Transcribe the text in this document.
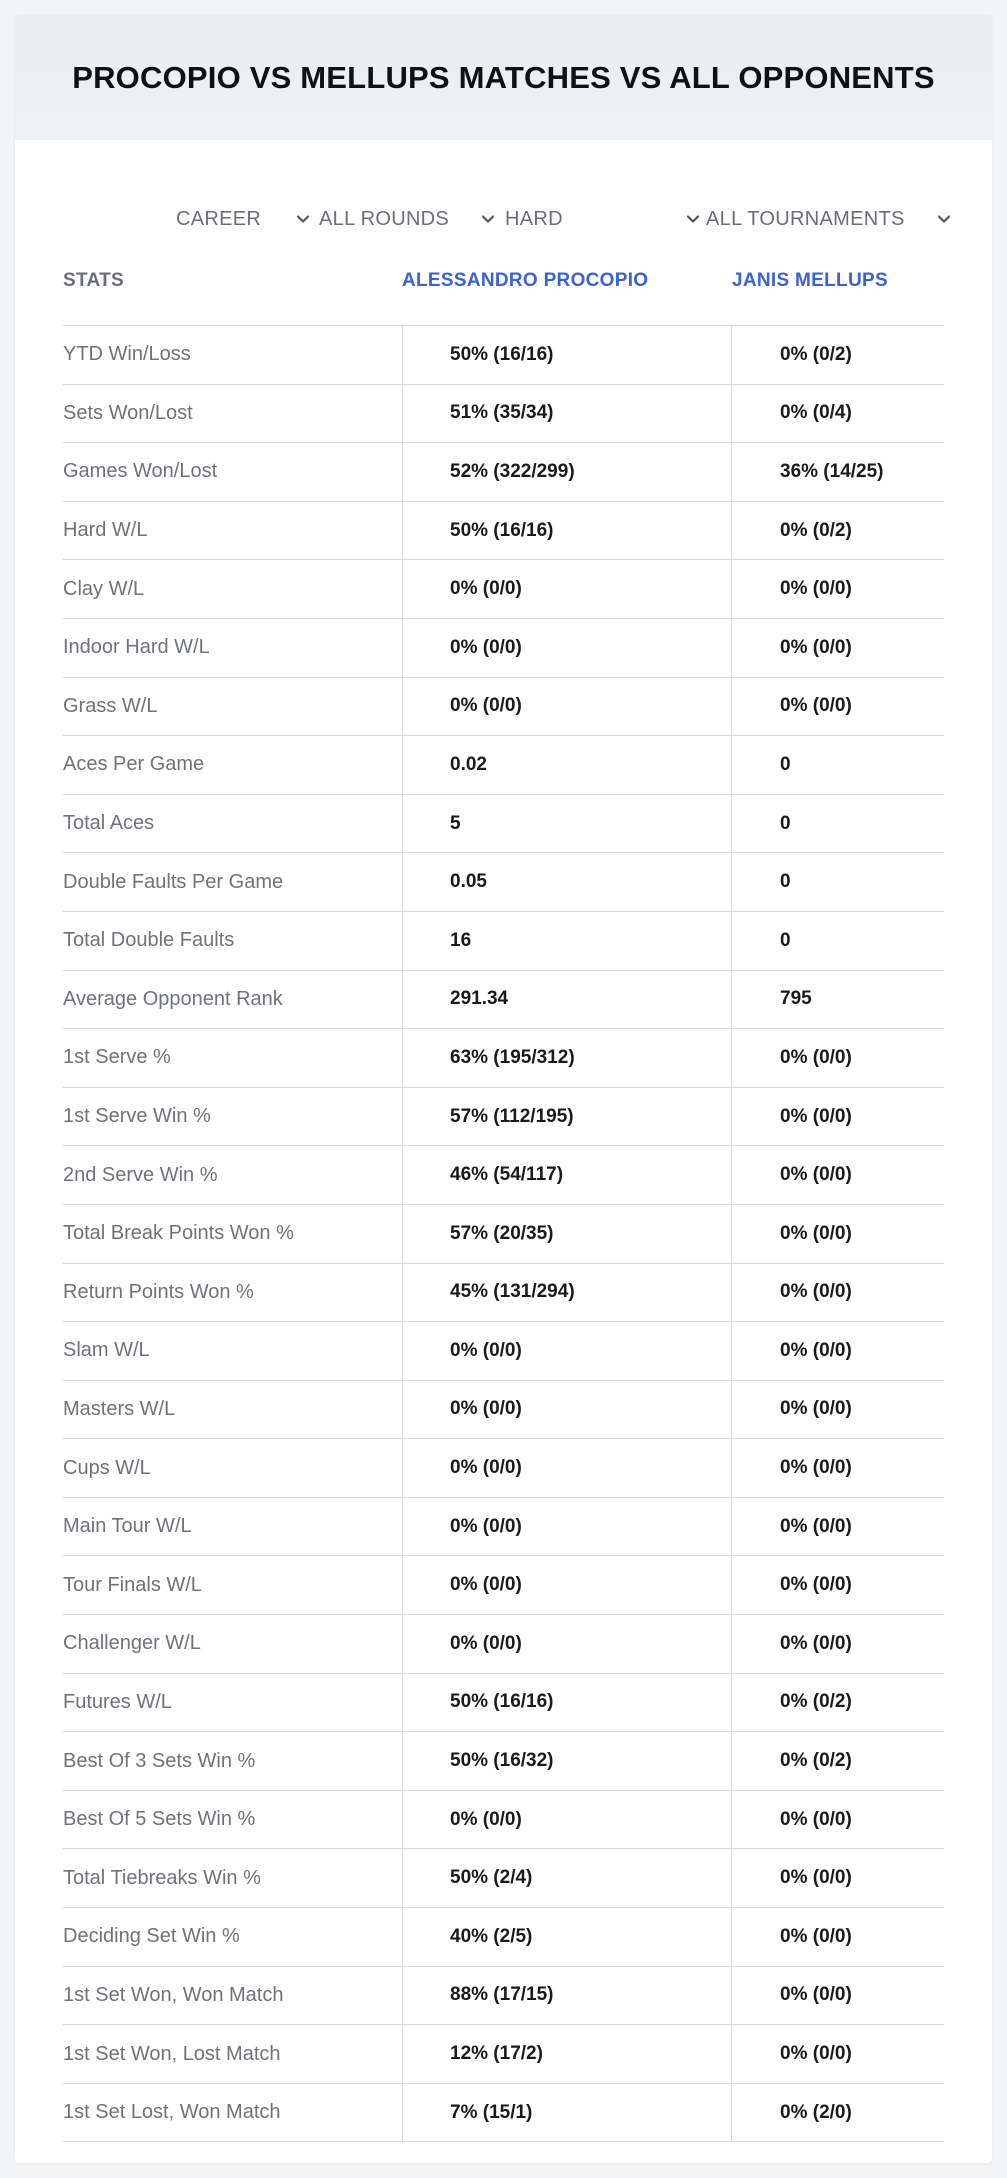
PROCOPIO VS MELLUPS MATCHES VS ALL OPPONENTS
CAREER	ALL ROUNDS	HARD	ALL TOURNAMENTS
STATS	ALESSANDRO PROCOPIO	JANIS MELLUPS
YTD Win/Loss	50% (16/16)	0% (0/2)
Sets Won/Lost	51% (35/34)	0% (0/4)
Games Won/Lost	52% (322/299)	36% (14/25)
Hard W/L	50% (16/16)	0% (0/2)
Clay W/L	0% (0/0)	0% (0/0)
Indoor Hard W/L	0% (0/0)	0% (0/0)
Grass W/L	0% (0/0)	0% (0/0)
Aces Per Game	0.02	0
Total Aces	5	0
Double Faults Per Game	0.05	0
Total Double Faults	16	0
Average Opponent Rank	291.34	795
1st Serve %	63% (195/312)	0% (0/0)
1st Serve Win %	57% (112/195)	0% (0/0)
2nd Serve Win %	46% (54/117)	0% (0/0)
Total Break Points Won %	57% (20/35)	0% (0/0)
Return Points Won %	45% (131/294)	0% (0/0)
Slam W/L	0% (0/0)	0% (0/0)
Masters W/L	0% (0/0)	0% (0/0)
Cups W/L	0% (0/0)	0% (0/0)
Main Tour W/L	0% (0/0)	0% (0/0)
Tour Finals W/L	0% (0/0)	0% (0/0)
Challenger W/L	0% (0/0)	0% (0/0)
Futures W/L	50% (16/16)	0% (0/2)
Best Of 3 Sets Win %	50% (16/32)	0% (0/2)
Best Of 5 Sets Win %	0% (0/0)	0% (0/0)
Total Tiebreaks Win %	50% (2/4)	0% (0/0)
Deciding Set Win %	40% (2/5)	0% (0/0)
1st Set Won, Won Match	88% (17/15)	0% (0/0)
1st Set Won, Lost Match	12% (17/2)	0% (0/0)
1st Set Lost, Won Match	7% (15/1)	0% (2/0)
